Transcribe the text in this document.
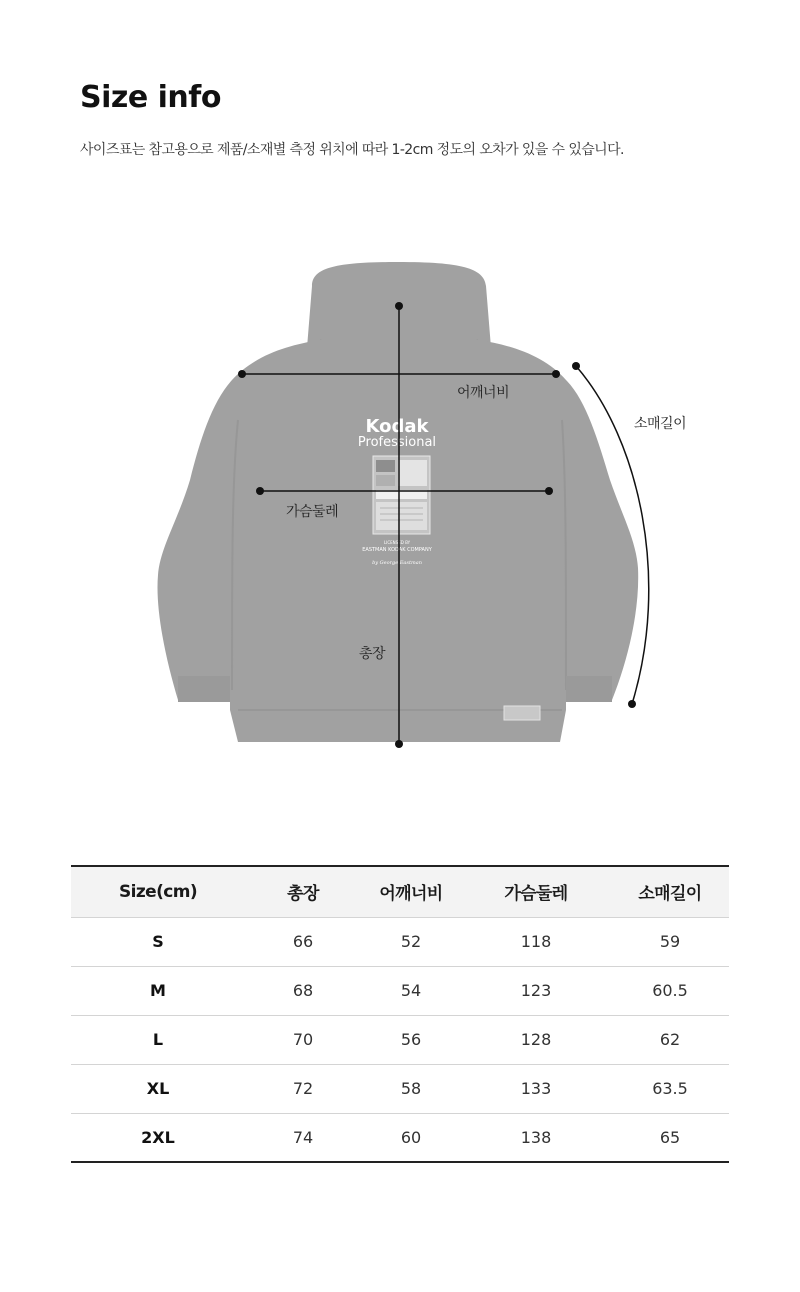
Size info
사이즈표는 참고용으로 제품/소재별 측정 위치에 따라 1-2cm 정도의 오차가 있을 수 있습니다.
Kodak
Professional
LICENSED BY
EASTMAN KODAK COMPANY
by George Eastman
어깨너비
소매길이
가슴둘레
총장
Size(cm)	총장	어깨너비	가슴둘레	소매길이
S	66	52	118	59
M	68	54	123	60.5
L	70	56	128	62
XL	72	58	133	63.5
2XL	74	60	138	65
